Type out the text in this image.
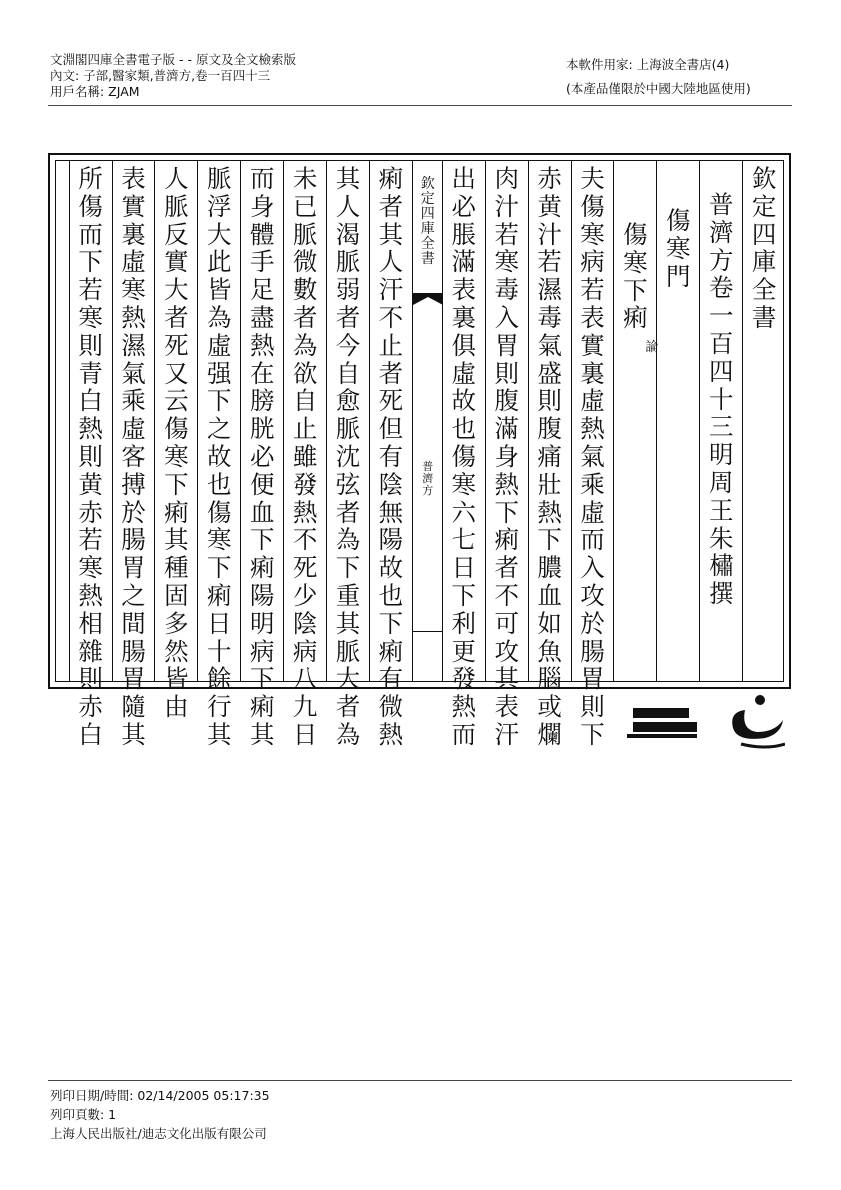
文淵閣四庫全書電子版 - - 原文及全文檢索版
內文: 子部,醫家類,普濟方,卷一百四十三
用戶名稱: ZJAM
本軟件用家: 上海波全書店(4)
(本產品僅限於中國大陸地區使用)
欽定四庫全書
普濟方卷一百四十三　明　周王朱橚　撰
傷寒門
傷寒下痢
論
夫傷寒病若表實裏虛熱氣乘虛而入攻於腸胃則下
赤黄汁若濕毒氣盛則腹痛壯熱下膿血如魚腦或爛
肉汁若寒毒入胃則腹滿身熱下痢者不可攻其表汗
出必脹滿表裏俱虛故也傷寒六七日下利更發熱而
欽定四庫全書
普濟方
痢者其人汗不止者死但有陰無陽故也下痢有微熱
其人渴脈弱者今自愈脈沈弦者為下重其脈大者為
未已脈微數者為欲自止雖發熱不死少陰病八九日
而身體手足盡熱在膀胱必便血下痢陽明病下痢其
脈浮大此皆為虛强下之故也傷寒下痢日十餘行其
人脈反實大者死　又云傷寒下痢其種固多然皆由
表實裏虛寒熱濕氣乘虛客搏於腸胃之間腸胃隨其
所傷而下若寒則青白熱則黄赤若寒熱相雜則赤白
列印日期/時間: 02/14/2005 05:17:35
列印頁數: 1
上海人民出版社/迪志文化出版有限公司
